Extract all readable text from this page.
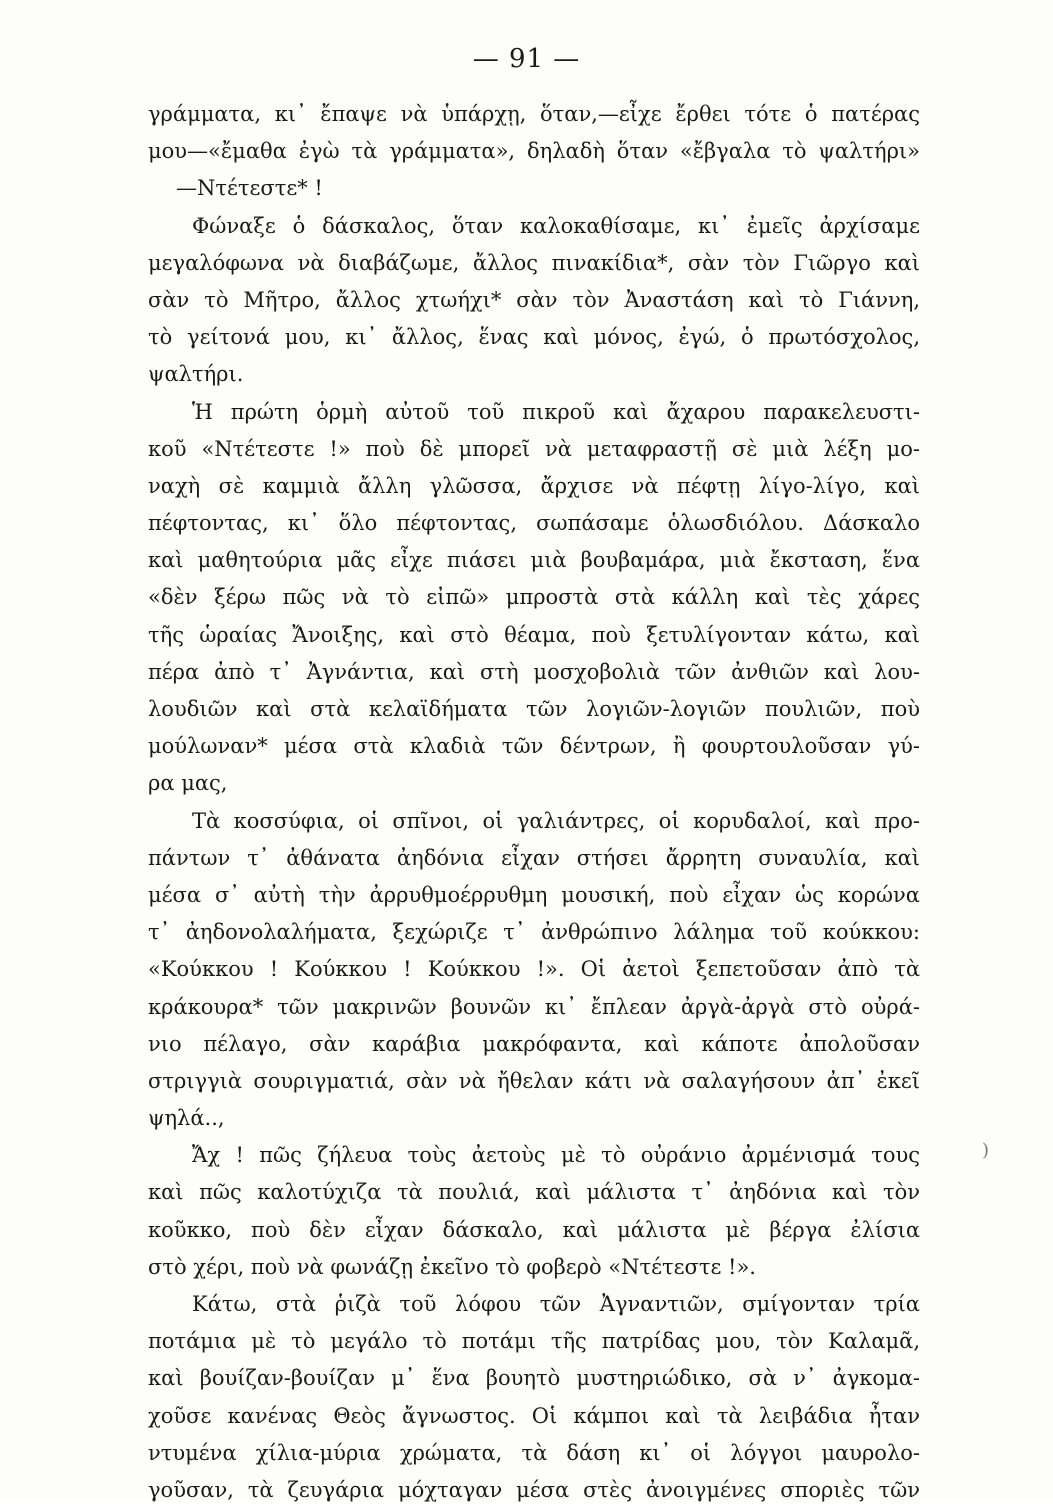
— 91 —
γράμματα, κι᾽ ἔπαψε νὰ ὑπάρχῃ, ὅταν,—εἶχε ἔρθει τότε ὁ πατέρας
μου—«ἔμαθα ἐγὼ τὰ γράμματα», δηλαδὴ ὅταν «ἔβγαλα τὸ ψαλτήρι»
—Ντέτεστε* !
Φώναξε ὁ δάσκαλος, ὅταν καλοκαθίσαμε, κι᾽ ἐμεῖς ἀρχίσαμε
μεγαλόφωνα νὰ διαβάζωμε, ἄλλος πινακίδια*, σὰν τὸν Γιῶργο καὶ
σὰν τὸ Μῆτρο, ἄλλος χτωήχι* σὰν τὸν Ἀναστάση καὶ τὸ Γιάννη,
τὸ γείτονά μου, κι᾽ ἄλλος, ἕνας καὶ μόνος, ἐγώ, ὁ πρωτόσχολος,
ψαλτήρι.
Ἡ πρώτη ὁρμὴ αὐτοῦ τοῦ πικροῦ καὶ ἄχαρου παρακελευστι-
κοῦ «Ντέτεστε !» ποὺ δὲ μπορεῖ νὰ μεταφραστῇ σὲ μιὰ λέξη μο-
ναχὴ σὲ καμμιὰ ἄλλη γλῶσσα, ἄρχισε νὰ πέφτῃ λίγο-λίγο, καὶ
πέφτοντας, κι᾽ ὅλο πέφτοντας, σωπάσαμε ὁλωσδιόλου. Δάσκαλο
καὶ μαθητούρια μᾶς εἶχε πιάσει μιὰ βουβαμάρα, μιὰ ἔκσταση, ἕνα
«δὲν ξέρω πῶς νὰ τὸ εἰπῶ» μπροστὰ στὰ κάλλη καὶ τὲς χάρες
τῆς ὡραίας Ἄνοιξης, καὶ στὸ θέαμα, ποὺ ξετυλίγονταν κάτω, καὶ
πέρα ἀπὸ τ᾽ Ἀγνάντια, καὶ στὴ μοσχοβολιὰ τῶν ἀνθιῶν καὶ λου-
λουδιῶν καὶ στὰ κελαϊδήματα τῶν λογιῶν-λογιῶν πουλιῶν, ποὺ
μούλωναν* μέσα στὰ κλαδιὰ τῶν δέντρων, ἢ φουρτουλοῦσαν γύ-
ρα μας,
Τὰ κοσσύφια, οἱ σπῖνοι, οἱ γαλιάντρες, οἱ κορυδαλοί, καὶ προ-
πάντων τ᾽ ἀθάνατα ἀηδόνια εἶχαν στήσει ἄρρητη συναυλία, καὶ
μέσα σ᾽ αὐτὴ τὴν ἀρρυθμοέρρυθμη μουσική, ποὺ εἶχαν ὡς κορώνα
τ᾽ ἀηδονολαλήματα, ξεχώριζε τ᾽ ἀνθρώπινο λάλημα τοῦ κούκκου:
«Κούκκου ! Κούκκου ! Κούκκου !». Οἱ ἀετοὶ ξεπετοῦσαν ἀπὸ τὰ
κράκουρα* τῶν μακρινῶν βουνῶν κι᾽ ἔπλεαν ἀργὰ-ἀργὰ στὸ οὐρά-
νιο πέλαγο, σὰν καράβια μακρόφαντα, καὶ κάποτε ἀπολοῦσαν
στριγγιὰ σουριγματιά, σὰν νὰ ἤθελαν κάτι νὰ σαλαγήσουν ἀπ᾽ ἐκεῖ
ψηλά..,
Ἄχ ! πῶς ζήλευα τοὺς ἀετοὺς μὲ τὸ οὐράνιο ἀρμένισμά τους
καὶ πῶς καλοτύχιζα τὰ πουλιά, καὶ μάλιστα τ᾽ ἀηδόνια καὶ τὸν
κοῦκκο, ποὺ δὲν εἶχαν δάσκαλο, καὶ μάλιστα μὲ βέργα ἐλίσια
στὸ χέρι, ποὺ νὰ φωνάζῃ ἐκεῖνο τὸ φοβερὸ «Ντέτεστε !».
Κάτω, στὰ ῥιζὰ τοῦ λόφου τῶν Ἀγναντιῶν, σμίγονταν τρία
ποτάμια μὲ τὸ μεγάλο τὸ ποτάμι τῆς πατρίδας μου, τὸν Καλαμᾶ,
καὶ βουίζαν-βουίζαν μ᾽ ἕνα βουητὸ μυστηριώδικο, σὰ ν᾽ ἀγκομα-
χοῦσε κανένας Θεὸς ἄγνωστος. Οἱ κάμποι καὶ τὰ λειβάδια ἦταν
ντυμένα χίλια-μύρια χρώματα, τὰ δάση κι᾽ οἱ λόγγοι μαυρολο-
γοῦσαν, τὰ ζευγάρια μόχταγαν μέσα στὲς ἀνοιγμένες σποριὲς τῶν
)
